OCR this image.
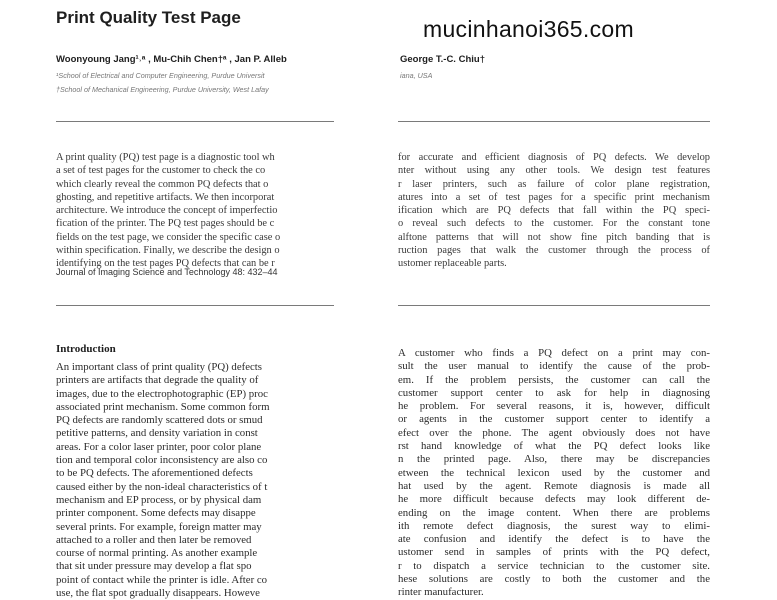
Print Quality Test Page	mucinhanoi365.com
Woonyoung Jang¹˒ᵃ , Mu-Chih Chen†ᵃ , Jan P. Alleb	George T.-C. Chiu†
¹School of Electrical and Computer Engineering, Purdue Universit
†School of Mechanical Engineering, Purdue University, West Lafay
iana, USA
A print quality (PQ) test page is a diagnostic tool wh
a set of test pages for the customer to check the co
which clearly reveal the common PQ defects that o
ghosting, and repetitive artifacts. We then incorporat
architecture. We introduce the concept of imperfectio
fication of the printer. The PQ test pages should be c
fields on the test page, we consider the specific case o
within specification. Finally, we describe the design o
identifying on the test pages PQ defects that can be r
for accurate and efficient diagnosis of PQ defects. We develop
nter without using any other tools. We design test features
r laser printers, such as failure of color plane registration,
atures into a set of test pages for a specific print mechanism
ification which are PQ defects that fall within the PQ speci-
o reveal such defects to the customer. For the constant tone
alftone patterns that will not show fine pitch banding that is
ruction pages that walk the customer through the process of
ustomer replaceable parts.
Journal of Imaging Science and Technology 48: 432–44
Introduction
An important class of print quality (PQ) defects
printers are artifacts that degrade the quality of
images, due to the electrophotographic (EP) proc
associated print mechanism. Some common form
PQ defects are randomly scattered dots or smud
petitive patterns, and density variation in const
areas. For a color laser printer, poor color plane
tion and temporal color inconsistency are also co
to be PQ defects. The aforementioned defects
caused either by the non-ideal characteristics of t
mechanism and EP process, or by physical dam
printer component. Some defects may disappe
several prints. For example, foreign matter may
attached to a roller and then later be removed
course of normal printing. As another example
that sit under pressure may develop a flat spo
point of contact while the printer is idle. After co
use, the flat spot gradually disappears. Howeve
A customer who finds a PQ defect on a print may con-
sult the user manual to identify the cause of the prob-
em. If the problem persists, the customer can call the
customer support center to ask for help in diagnosing
he problem. For several reasons, it is, however, difficult
or agents in the customer support center to identify a
efect over the phone. The agent obviously does not have
rst hand knowledge of what the PQ defect looks like
n the printed page. Also, there may be discrepancies
etween the technical lexicon used by the customer and
hat used by the agent. Remote diagnosis is made all
he more difficult because defects may look different de-
ending on the image content. When there are problems
ith remote defect diagnosis, the surest way to elimi-
ate confusion and identify the defect is to have the
ustomer send in samples of prints with the PQ defect,
r to dispatch a service technician to the customer site.
hese solutions are costly to both the customer and the
rinter manufacturer.
